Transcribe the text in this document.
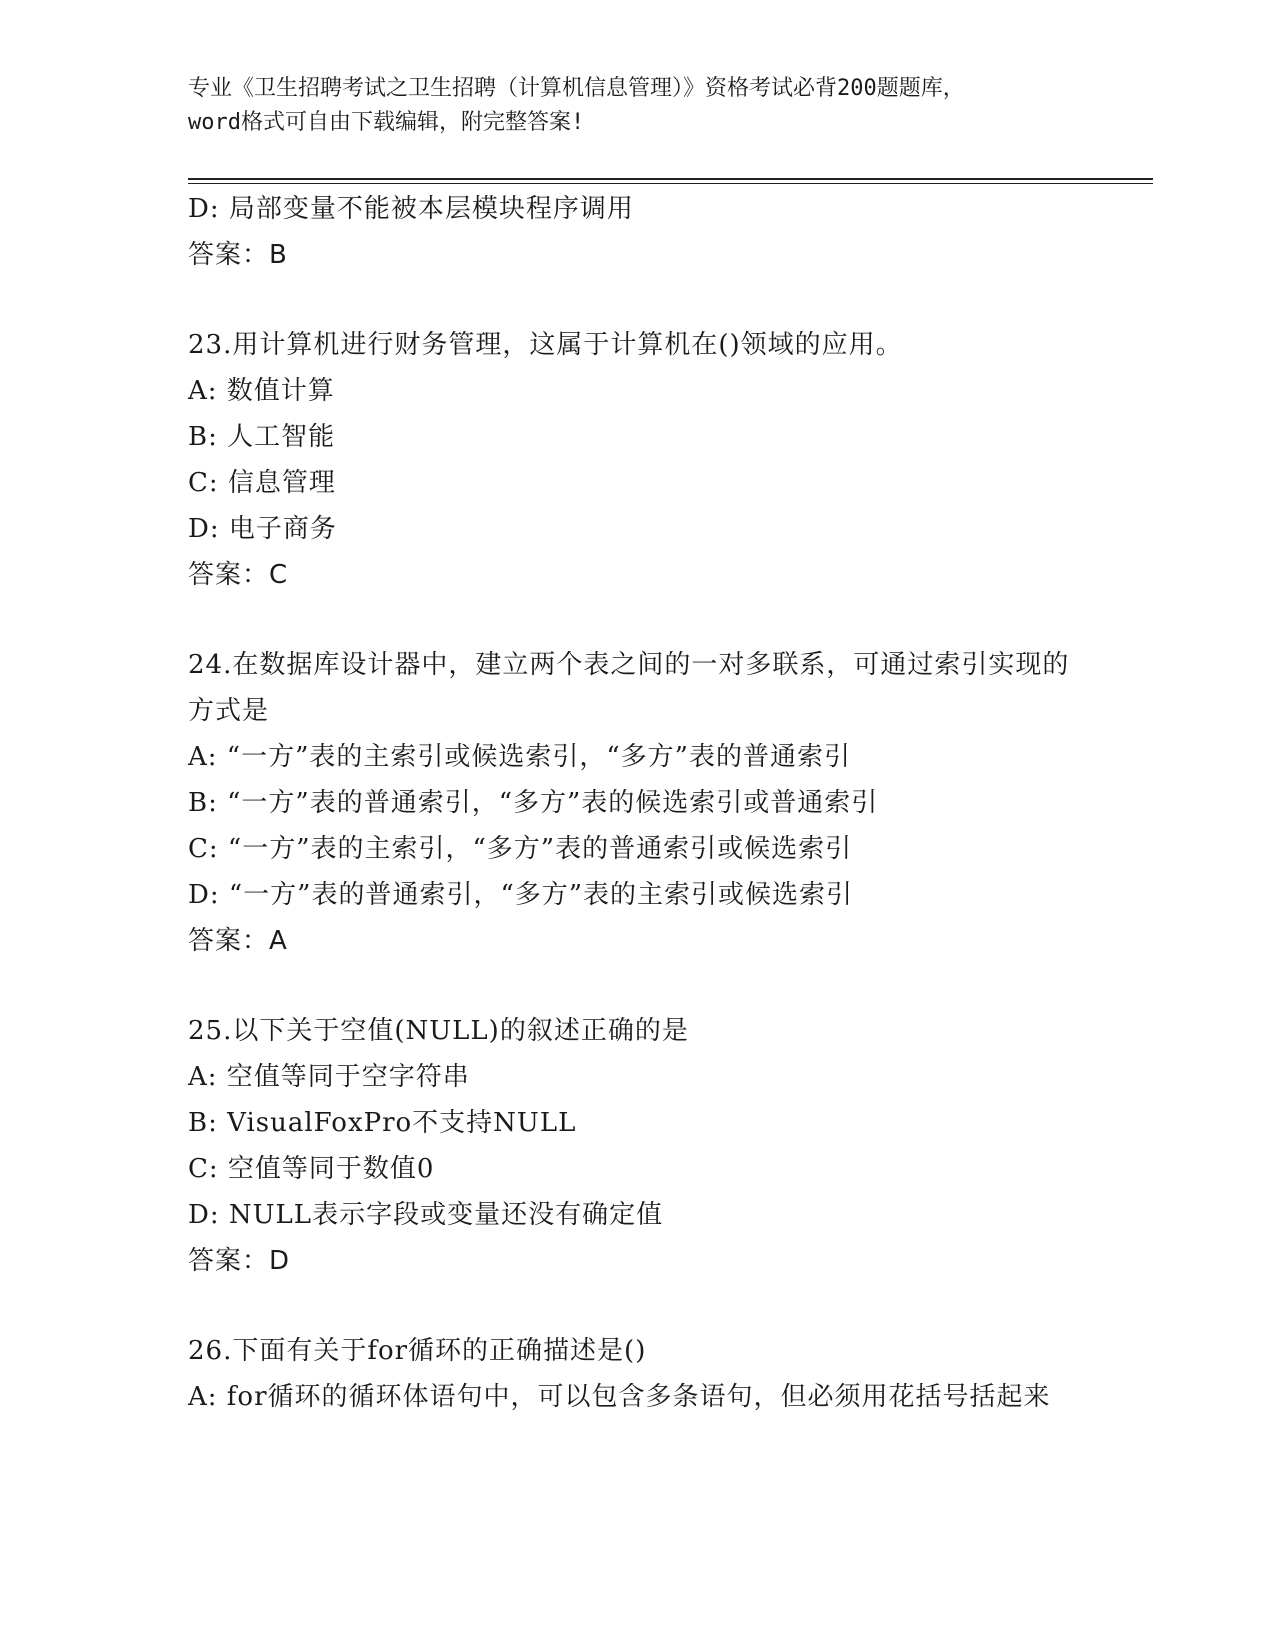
专业《卫生招聘考试之卫生招聘（计算机信息管理）》资格考试必背200题题库，
word格式可自由下载编辑，附完整答案!
D: 局部变量不能被本层模块程序调用
答案：B
23.用计算机进行财务管理，这属于计算机在()领域的应用。
A: 数值计算
B: 人工智能
C: 信息管理
D: 电子商务
答案：C
24.在数据库设计器中，建立两个表之间的一对多联系，可通过索引实现的方式是
A: “一方”表的主索引或候选索引，“多方”表的普通索引
B: “一方”表的普通索引，“多方”表的候选索引或普通索引
C: “一方”表的主索引，“多方”表的普通索引或候选索引
D: “一方”表的普通索引，“多方”表的主索引或候选索引
答案：A
25.以下关于空值(NULL)的叙述正确的是
A: 空值等同于空字符串
B: VisualFoxPro不支持NULL
C: 空值等同于数值0
D: NULL表示字段或变量还没有确定值
答案：D
26.下面有关于for循环的正确描述是()
A: for循环的循环体语句中，可以包含多条语句，但必须用花括号括起来
